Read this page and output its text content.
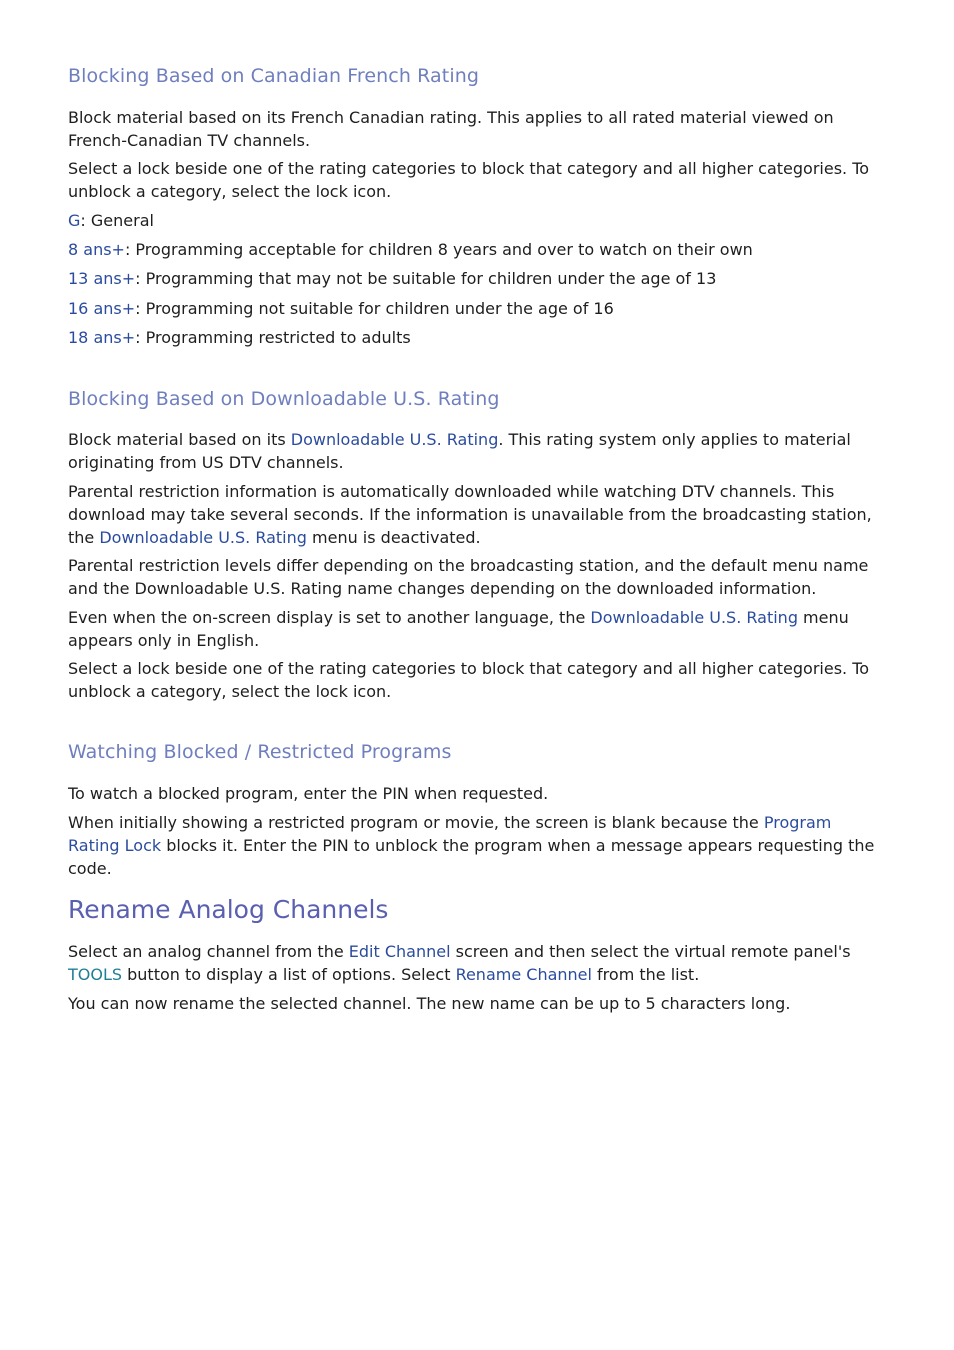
Blocking Based on Canadian French Rating

Block material based on its French Canadian rating. This applies to all rated material viewed on French-Canadian TV channels.

Select a lock beside one of the rating categories to block that category and all higher categories. To unblock a category, select the lock icon.

G: General

8 ans+: Programming acceptable for children 8 years and over to watch on their own

13 ans+: Programming that may not be suitable for children under the age of 13

16 ans+: Programming not suitable for children under the age of 16

18 ans+: Programming restricted to adults

Blocking Based on Downloadable U.S. Rating

Block material based on its Downloadable U.S. Rating. This rating system only applies to material originating from US DTV channels.

Parental restriction information is automatically downloaded while watching DTV channels. This download may take several seconds. If the information is unavailable from the broadcasting station, the Downloadable U.S. Rating menu is deactivated.

Parental restriction levels differ depending on the broadcasting station, and the default menu name and the Downloadable U.S. Rating name changes depending on the downloaded information.

Even when the on-screen display is set to another language, the Downloadable U.S. Rating menu appears only in English.

Select a lock beside one of the rating categories to block that category and all higher categories. To unblock a category, select the lock icon.

Watching Blocked / Restricted Programs

To watch a blocked program, enter the PIN when requested.

When initially showing a restricted program or movie, the screen is blank because the Program Rating Lock blocks it. Enter the PIN to unblock the program when a message appears requesting the code.

Rename Analog Channels

Select an analog channel from the Edit Channel screen and then select the virtual remote panel's TOOLS button to display a list of options. Select Rename Channel from the list.

You can now rename the selected channel. The new name can be up to 5 characters long.
